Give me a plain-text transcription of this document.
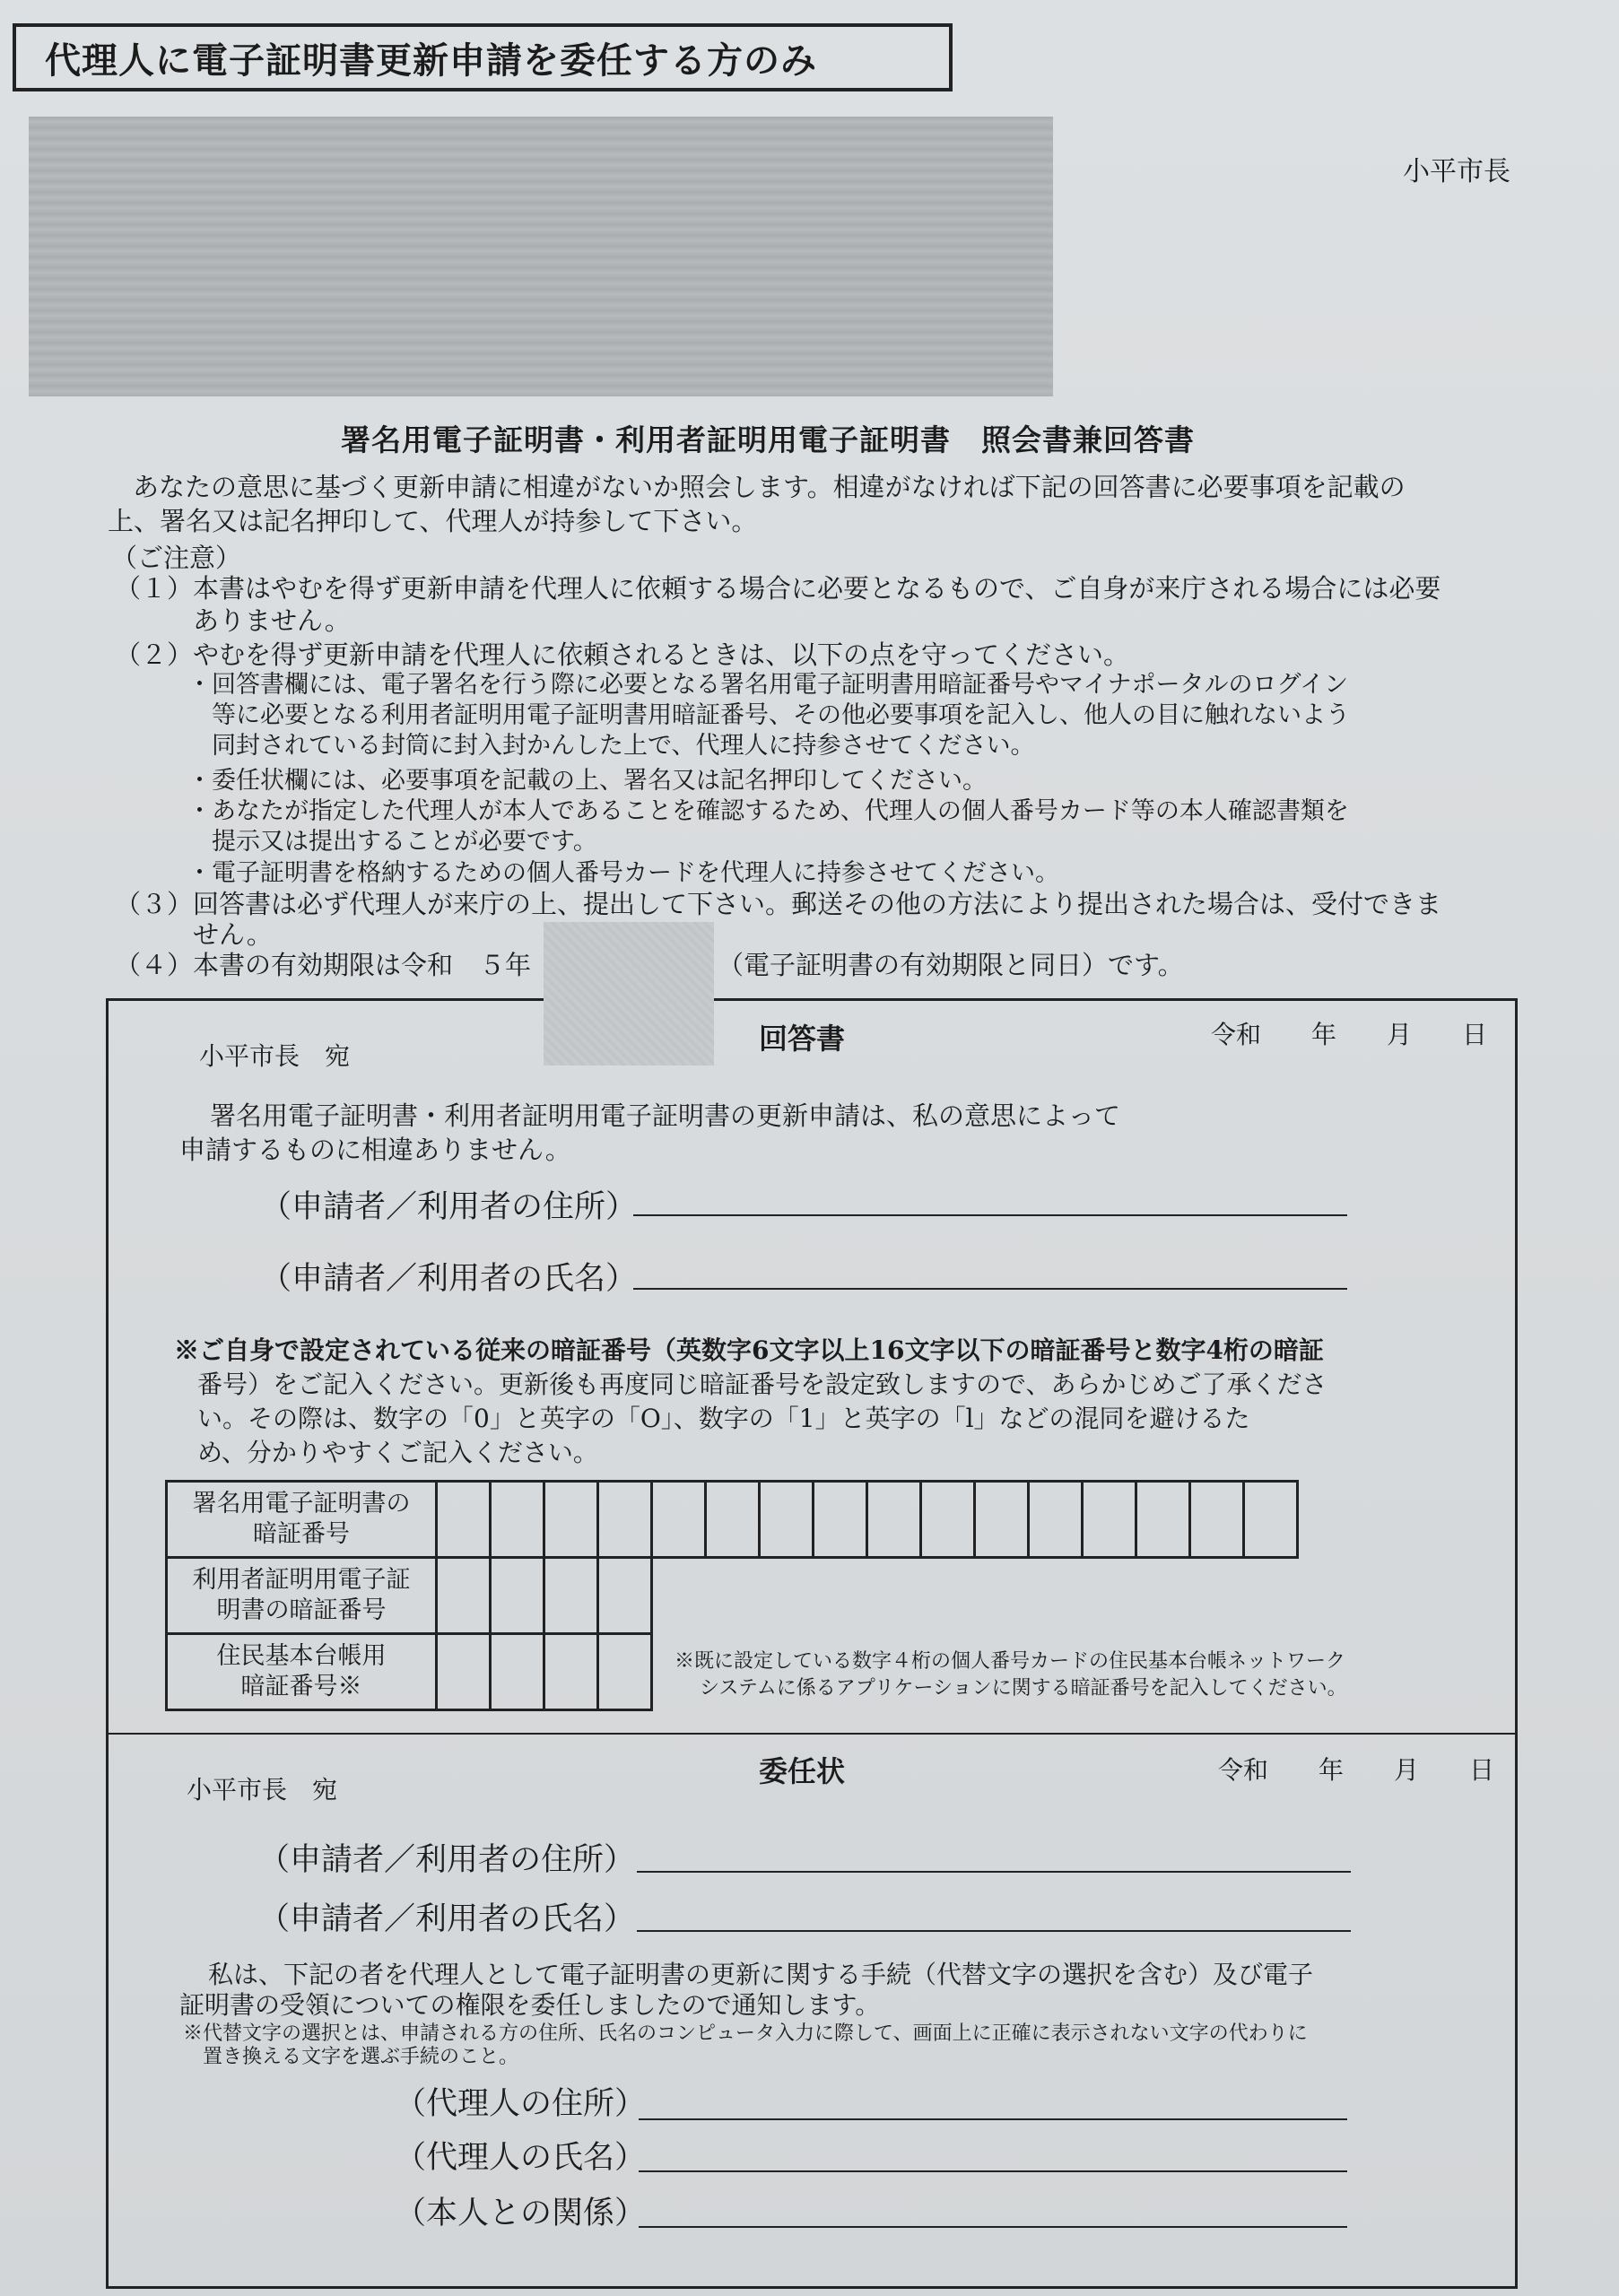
代理人に電子証明書更新申請を委任する方のみ
小平市長
署名用電子証明書・利用者証明用電子証明書　照会書兼回答書
あなたの意思に基づく更新申請に相違がないか照会します。相違がなければ下記の回答書に必要事項を記載の
上、署名又は記名押印して、代理人が持参して下さい。
（ご注意）
（１）本書はやむを得ず更新申請を代理人に依頼する場合に必要となるもので、ご自身が来庁される場合には必要
　　　ありません。
（２）やむを得ず更新申請を代理人に依頼されるときは、以下の点を守ってください。
　　　・回答書欄には、電子署名を行う際に必要となる署名用電子証明書用暗証番号やマイナポータルのログイン
　　　　等に必要となる利用者証明用電子証明書用暗証番号、その他必要事項を記入し、他人の目に触れないよう
　　　　同封されている封筒に封入封かんした上で、代理人に持参させてください。
　　　・委任状欄には、必要事項を記載の上、署名又は記名押印してください。
　　　・あなたが指定した代理人が本人であることを確認するため、代理人の個人番号カード等の本人確認書類を
　　　　提示又は提出することが必要です。
　　　・電子証明書を格納するための個人番号カードを代理人に持参させてください。
（３）回答書は必ず代理人が来庁の上、提出して下さい。郵送その他の方法により提出された場合は、受付できま
　　　せん。
（４）本書の有効期限は令和　５年	（電子証明書の有効期限と同日）です。
小平市長　宛
回答書	令和　　年　　月　　日
署名用電子証明書・利用者証明用電子証明書の更新申請は、私の意思によって
申請するものに相違ありません。
（申請者／利用者の住所）
（申請者／利用者の氏名）
※ご自身で設定されている従来の暗証番号（英数字6文字以上16文字以下の暗証番号と数字4桁の暗証
番号）をご記入ください。更新後も再度同じ暗証番号を設定致しますので、あらかじめご了承くださ
い。その際は、数字の「0」と英字の「O」、数字の「1」と英字の「l」などの混同を避けるた
め、分かりやすくご記入ください。
署名用電子証明書の
暗証番号
利用者証明用電子証
明書の暗証番号
住民基本台帳用
暗証番号※
※既に設定している数字４桁の個人番号カードの住民基本台帳ネットワーク
システムに係るアプリケーションに関する暗証番号を記入してください。
小平市長　宛
委任状	令和　　年　　月　　日
（申請者／利用者の住所）
（申請者／利用者の氏名）
私は、下記の者を代理人として電子証明書の更新に関する手続（代替文字の選択を含む）及び電子
証明書の受領についての権限を委任しましたので通知します。
※代替文字の選択とは、申請される方の住所、氏名のコンピュータ入力に際して、画面上に正確に表示されない文字の代わりに
　置き換える文字を選ぶ手続のこと。
（代理人の住所）
（代理人の氏名）
（本人との関係）
